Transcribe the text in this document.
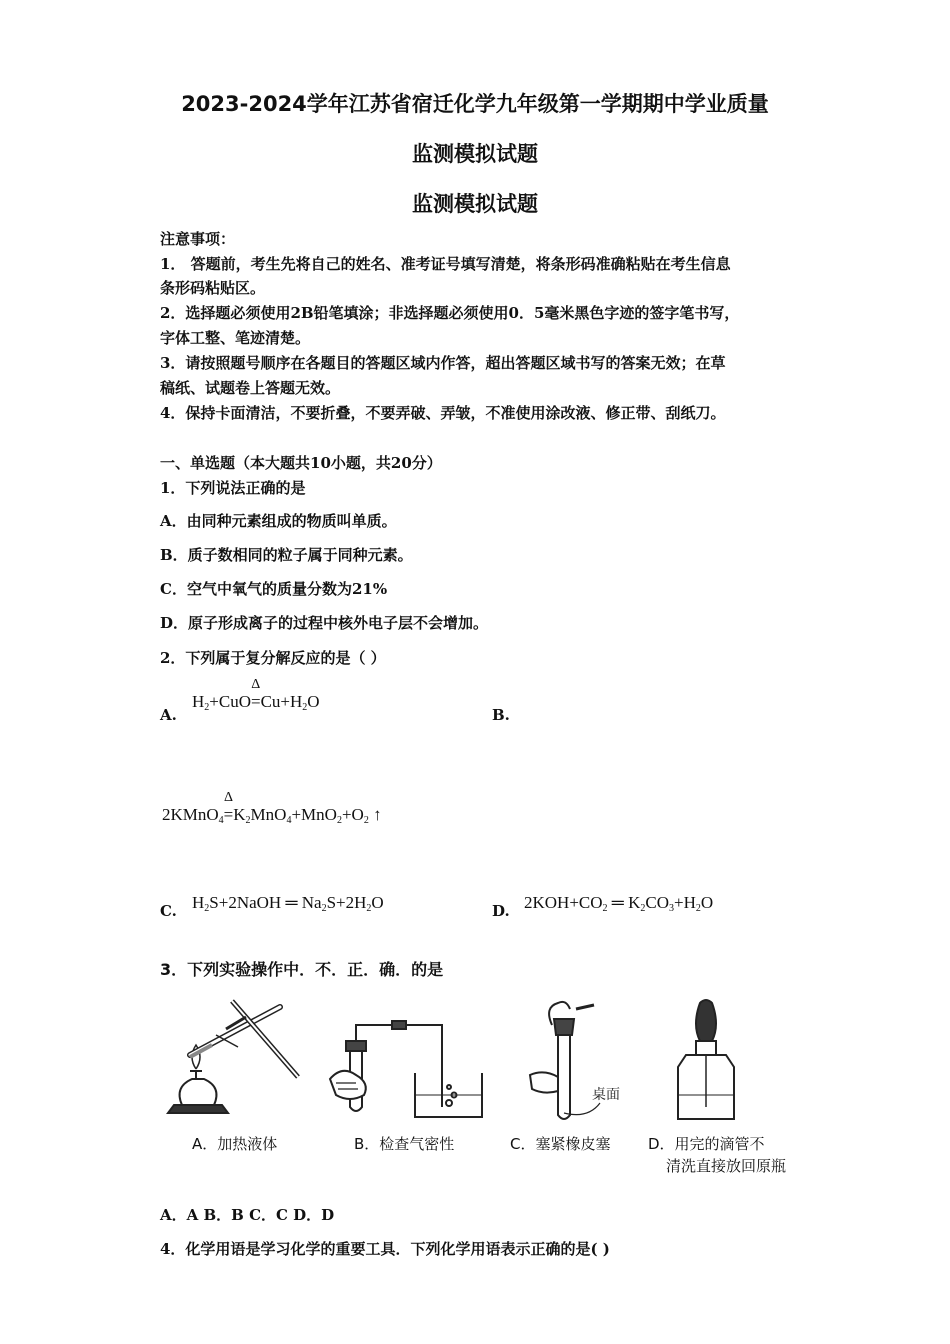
2023-2024学年江苏省宿迁化学九年级第一学期期中学业质量
监测模拟试题
监测模拟试题
注意事项：
1． 答题前，考生先将自己的姓名、准考证号填写清楚，将条形码准确粘贴在考生信息
条形码粘贴区。
2．选择题必须使用2B铅笔填涂；非选择题必须使用0．5毫米黑色字迹的签字笔书写，
字体工整、笔迹清楚。
3．请按照题号顺序在各题目的答题区域内作答，超出答题区域书写的答案无效；在草
稿纸、试题卷上答题无效。
4．保持卡面清洁，不要折叠，不要弄破、弄皱，不准使用涂改液、修正带、刮纸刀。
一、单选题（本大题共10小题，共20分）
1．下列说法正确的是
A．由同种元素组成的物质叫单质。
B．质子数相同的粒子属于同种元素。
C．空气中氧气的质量分数为21%
D．原子形成离子的过程中核外电子层不会增加。
2．下列属于复分解反应的是（ ）
A.
$H_2+CuO$
Δ
$=Cu+H_2O$
B.
2KMnO$_4$
Δ
$=K_2MnO_4+MnO_2+O_2$ ↑
C. $H_2S+2NaOH$ ═ $Na_2S+2H_2O$	D. $2KOH+CO_2$ ═ $K_2CO_3+H_2O$
3．下列实验操作中．不．正．确．的是
桌面
A．加热液体	B．检查气密性	C．塞紧橡皮塞	D．用完的滴管不
清洗直接放回原瓶
A．A B．B C．C D．D
4．化学用语是学习化学的重要工具．下列化学用语表示正确的是( )
